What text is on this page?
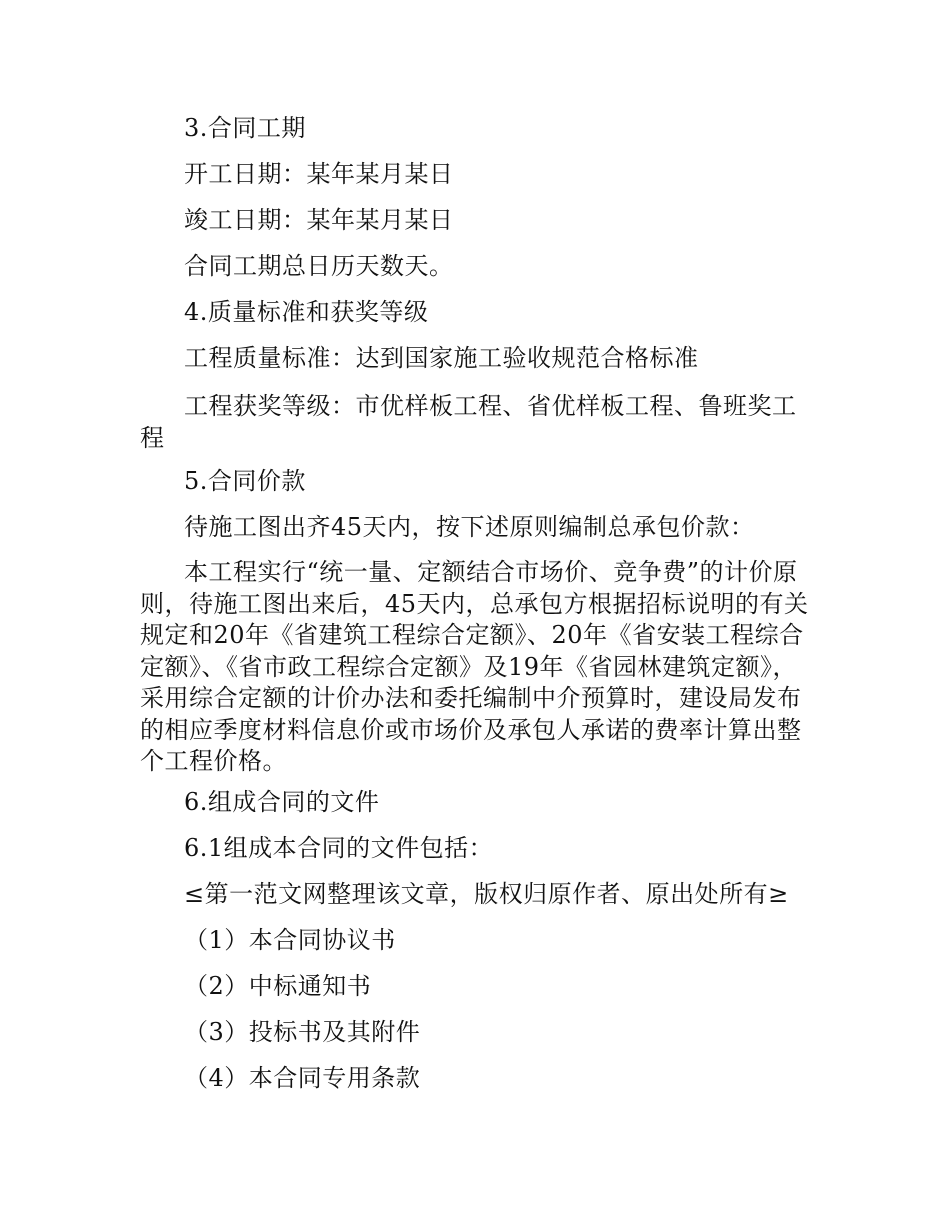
3.合同工期
开工日期：某年某月某日
竣工日期：某年某月某日
合同工期总日历天数天。
4.质量标准和获奖等级
工程质量标准：达到国家施工验收规范合格标准
工程获奖等级：市优样板工程、省优样板工程、鲁班奖工程
5.合同价款
待施工图出齐45天内，按下述原则编制总承包价款：
本工程实行“统一量、定额结合市场价、竞争费”的计价原则，待施工图出来后，45天内，总承包方根据招标说明的有关规定和20年《省建筑工程综合定额》、20年《省安装工程综合定额》、《省市政工程综合定额》及19年《省园林建筑定额》，采用综合定额的计价办法和委托编制中介预算时，建设局发布的相应季度材料信息价或市场价及承包人承诺的费率计算出整个工程价格。
6.组成合同的文件
6.1组成本合同的文件包括：
≤第一范文网整理该文章，版权归原作者、原出处所有≥
（1）本合同协议书
（2）中标通知书
（3）投标书及其附件
（4）本合同专用条款
